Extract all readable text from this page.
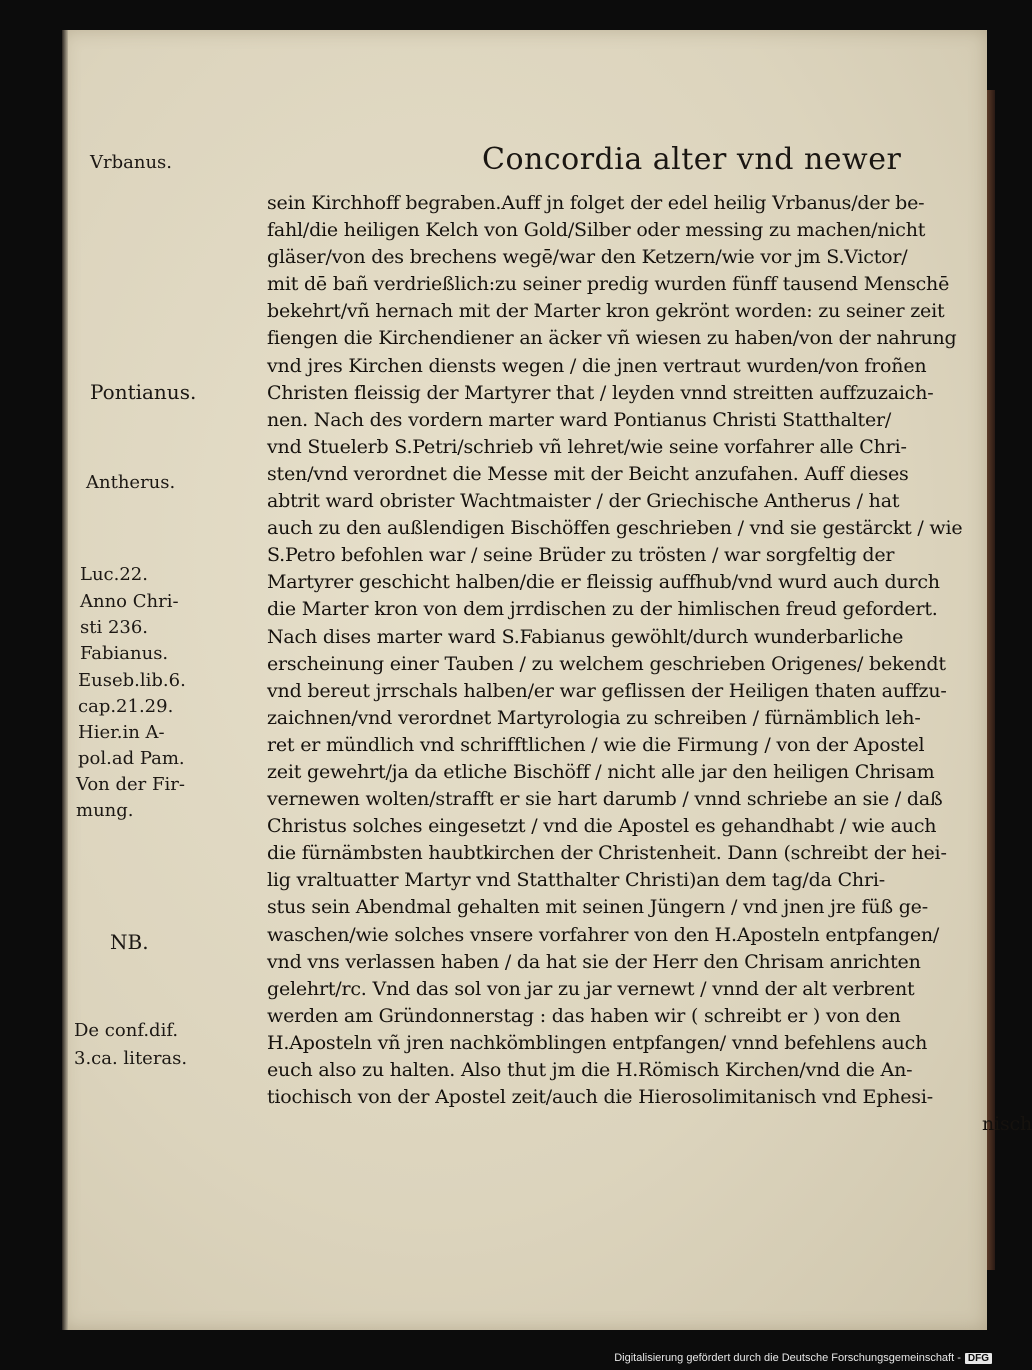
Concordia alter vnd newer
Vrbanus.
Pontianus.
Antherus.
Luc.22.
Anno Chri-
sti 236.
Fabianus.
Euseb.lib.6.
cap.21.29.
Hier.in A-
pol.ad Pam.
Von der Fir-
mung.
NB.
De conf.dif.
3.ca. literas.
sein Kirchhoff begraben.Auff jn folget der edel heilig Vrbanus/der be-
fahl/die heiligen Kelch von Gold/Silber oder messing zu machen/nicht
gläser/von des brechens wegē/war den Ketzern/wie vor jm S.Victor/
mit dē bañ verdrießlich:zu seiner predig wurden fünff tausend Menschē
bekehrt/vñ hernach mit der Marter kron gekrönt worden: zu seiner zeit
fiengen die Kirchendiener an äcker vñ wiesen zu haben/von der nahrung
vnd jres Kirchen diensts wegen / die jnen vertraut wurden/von froñen
Christen fleissig der Martyrer that / leyden vnnd streitten auffzuzaich-
nen. Nach des vordern marter ward Pontianus Christi Statthalter/
vnd Stuelerb S.Petri/schrieb vñ lehret/wie seine vorfahrer alle Chri-
sten/vnd verordnet die Messe mit der Beicht anzufahen. Auff dieses
abtrit ward obrister Wachtmaister / der Griechische Antherus / hat
auch zu den außlendigen Bischöffen geschrieben / vnd sie gestärckt / wie
S.Petro befohlen war / seine Brüder zu trösten / war sorgfeltig der
Martyrer geschicht halben/die er fleissig auffhub/vnd wurd auch durch
die Marter kron von dem jrrdischen zu der himlischen freud gefordert.
Nach dises marter ward S.Fabianus gewöhlt/durch wunderbarliche
erscheinung einer Tauben / zu welchem geschrieben Origenes/ bekendt
vnd bereut jrrschals halben/er war geflissen der Heiligen thaten auffzu-
zaichnen/vnd verordnet Martyrologia zu schreiben / fürnämblich leh-
ret er mündlich vnd schrifftlichen / wie die Firmung / von der Apostel
zeit gewehrt/ja da etliche Bischöff / nicht alle jar den heiligen Chrisam
vernewen wolten/strafft er sie hart darumb / vnnd schriebe an sie / daß
Christus solches eingesetzt / vnd die Apostel es gehandhabt / wie auch
die fürnämbsten haubtkirchen der Christenheit. Dann (schreibt der hei-
lig vraltuatter Martyr vnd Statthalter Christi)an dem tag/da Chri-
stus sein Abendmal gehalten mit seinen Jüngern / vnd jnen jre füß ge-
waschen/wie solches vnsere vorfahrer von den H.Aposteln entpfangen/
vnd vns verlassen haben / da hat sie der Herr den Chrisam anrichten
gelehrt/rc. Vnd das sol von jar zu jar vernewt / vnnd der alt verbrent
werden am Gründonnerstag : das haben wir ( schreibt er ) von den
H.Aposteln vñ jren nachkömblingen entpfangen/ vnnd befehlens auch
euch also zu halten. Also thut jm die H.Römisch Kirchen/vnd die An-
tiochisch von der Apostel zeit/auch die Hierosolimitanisch vnd Ephesi-
nisch
Digitalisierung gefördert durch die Deutsche Forschungsgemeinschaft - DFG
